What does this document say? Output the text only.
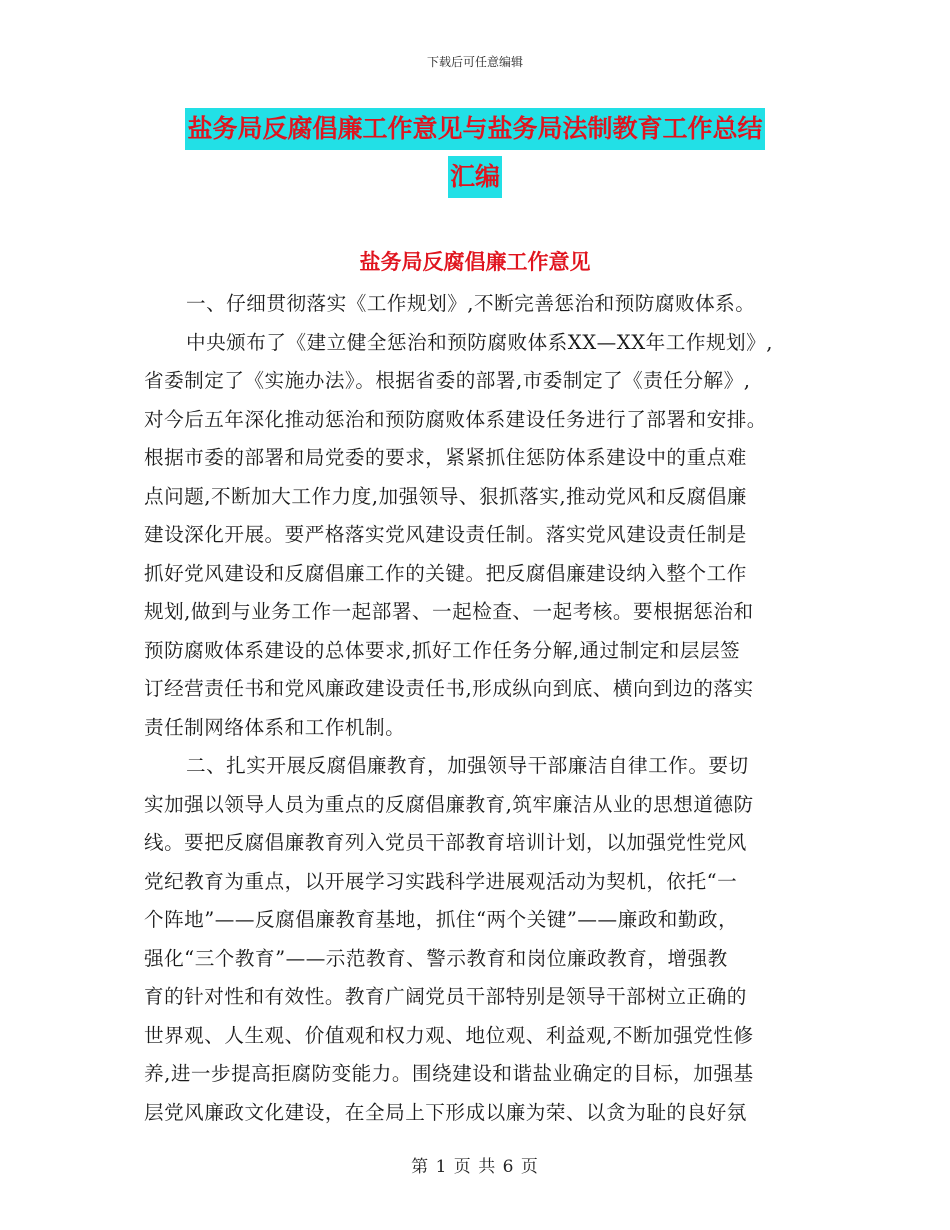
下载后可任意编辑
盐务局反腐倡廉工作意见与盐务局法制教育工作总结
汇编
盐务局反腐倡廉工作意见
一、仔细贯彻落实《工作规划》,不断完善惩治和预防腐败体系。
中央颁布了《建立健全惩治和预防腐败体系XX—XX年工作规划》,
省委制定了《实施办法》。根据省委的部署,市委制定了《责任分解》,
对今后五年深化推动惩治和预防腐败体系建设任务进行了部署和安排。
根据市委的部署和局党委的要求，紧紧抓住惩防体系建设中的重点难
点问题,不断加大工作力度,加强领导、狠抓落实,推动党风和反腐倡廉
建设深化开展。要严格落实党风建设责任制。落实党风建设责任制是
抓好党风建设和反腐倡廉工作的关键。把反腐倡廉建设纳入整个工作
规划,做到与业务工作一起部署、一起检查、一起考核。要根据惩治和
预防腐败体系建设的总体要求,抓好工作任务分解,通过制定和层层签
订经营责任书和党风廉政建设责任书,形成纵向到底、横向到边的落实
责任制网络体系和工作机制。
二、扎实开展反腐倡廉教育，加强领导干部廉洁自律工作。要切
实加强以领导人员为重点的反腐倡廉教育,筑牢廉洁从业的思想道德防
线。要把反腐倡廉教育列入党员干部教育培训计划，以加强党性党风
党纪教育为重点，以开展学习实践科学进展观活动为契机，依托“一
个阵地”——反腐倡廉教育基地，抓住“两个关键”——廉政和勤政，
强化“三个教育”——示范教育、警示教育和岗位廉政教育，增强教
育的针对性和有效性。教育广阔党员干部特别是领导干部树立正确的
世界观、人生观、价值观和权力观、地位观、利益观,不断加强党性修
养,进一步提高拒腐防变能力。围绕建设和谐盐业确定的目标，加强基
层党风廉政文化建设，在全局上下形成以廉为荣、以贪为耻的良好氛
第 1 页 共 6 页
